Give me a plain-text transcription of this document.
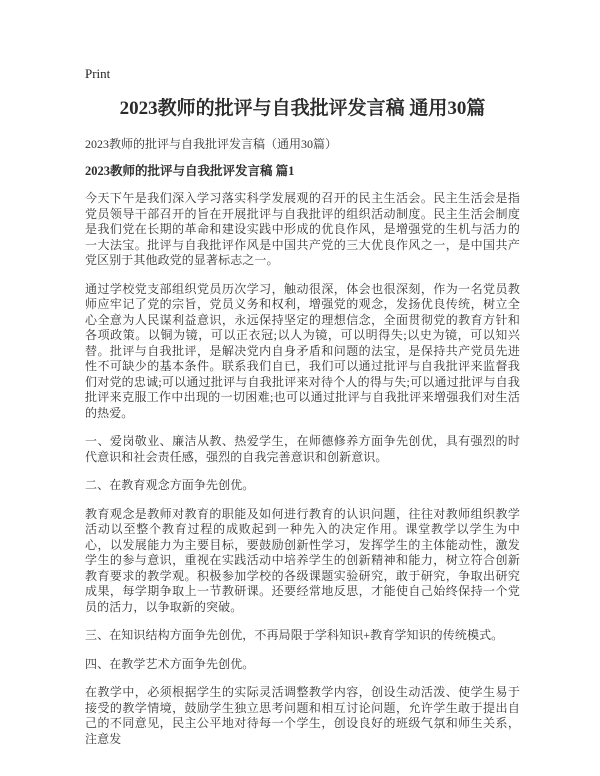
Print
2023教师的批评与自我批评发言稿 通用30篇
2023教师的批评与自我批评发言稿（通用30篇）
2023教师的批评与自我批评发言稿 篇1

今天下午是我们深入学习落实科学发展观的召开的民主生活会。民主生活会是指党员领导干部召开的旨在开展批评与自我批评的组织活动制度。民主生活会制度是我们党在长期的革命和建设实践中形成的优良作风，是增强党的生机与活力的一大法宝。批评与自我批评作风是中国共产党的三大优良作风之一，是中国共产党区别于其他政党的显著标志之一。

通过学校党支部组织党员历次学习，触动很深，体会也很深刻，作为一名党员教师应牢记了党的宗旨，党员义务和权利，增强党的观念，发扬优良传统，树立全心全意为人民谋利益意识，永远保持坚定的理想信念，全面贯彻党的教育方针和各项政策。以铜为镜，可以正衣冠;以人为镜，可以明得失;以史为镜，可以知兴替。批评与自我批评，是解决党内自身矛盾和问题的法宝，是保持共产党员先进性不可缺少的基本条件。联系我们自已，我们可以通过批评与自我批评来监督我们对党的忠诚;可以通过批评与自我批评来对待个人的得与失;可以通过批评与自我批评来克服工作中出现的一切困难;也可以通过批评与自我批评来增强我们对生活的热爱。

一、爱岗敬业、廉洁从教、热爱学生，在师德修养方面争先创优，具有强烈的时代意识和社会责任感，强烈的自我完善意识和创新意识。

二、在教育观念方面争先创优。

教育观念是教师对教育的职能及如何进行教育的认识问题，往往对教师组织教学活动以至整个教育过程的成败起到一种先入的决定作用。课堂教学以学生为中心，以发展能力为主要目标，要鼓励创新性学习，发挥学生的主体能动性，激发学生的参与意识，重视在实践活动中培养学生的创新精神和能力，树立符合创新教育要求的教学观。积极参加学校的各级课题实验研究，敢于研究，争取出研究成果，每学期争取上一节教研课。还要经常地反思，才能使自己始终保持一个党员的活力，以争取新的突破。

三、在知识结构方面争先创优，不再局限于学科知识+教育学知识的传统模式。

四、在教学艺术方面争先创优。

在教学中，必须根据学生的实际灵活调整教学内容，创设生动活泼、使学生易于接受的教学情境，鼓励学生独立思考问题和相互讨论问题，允许学生敢于提出自己的不同意见，民主公平地对待每一个学生，创设良好的班级气氛和师生关系，注意发
